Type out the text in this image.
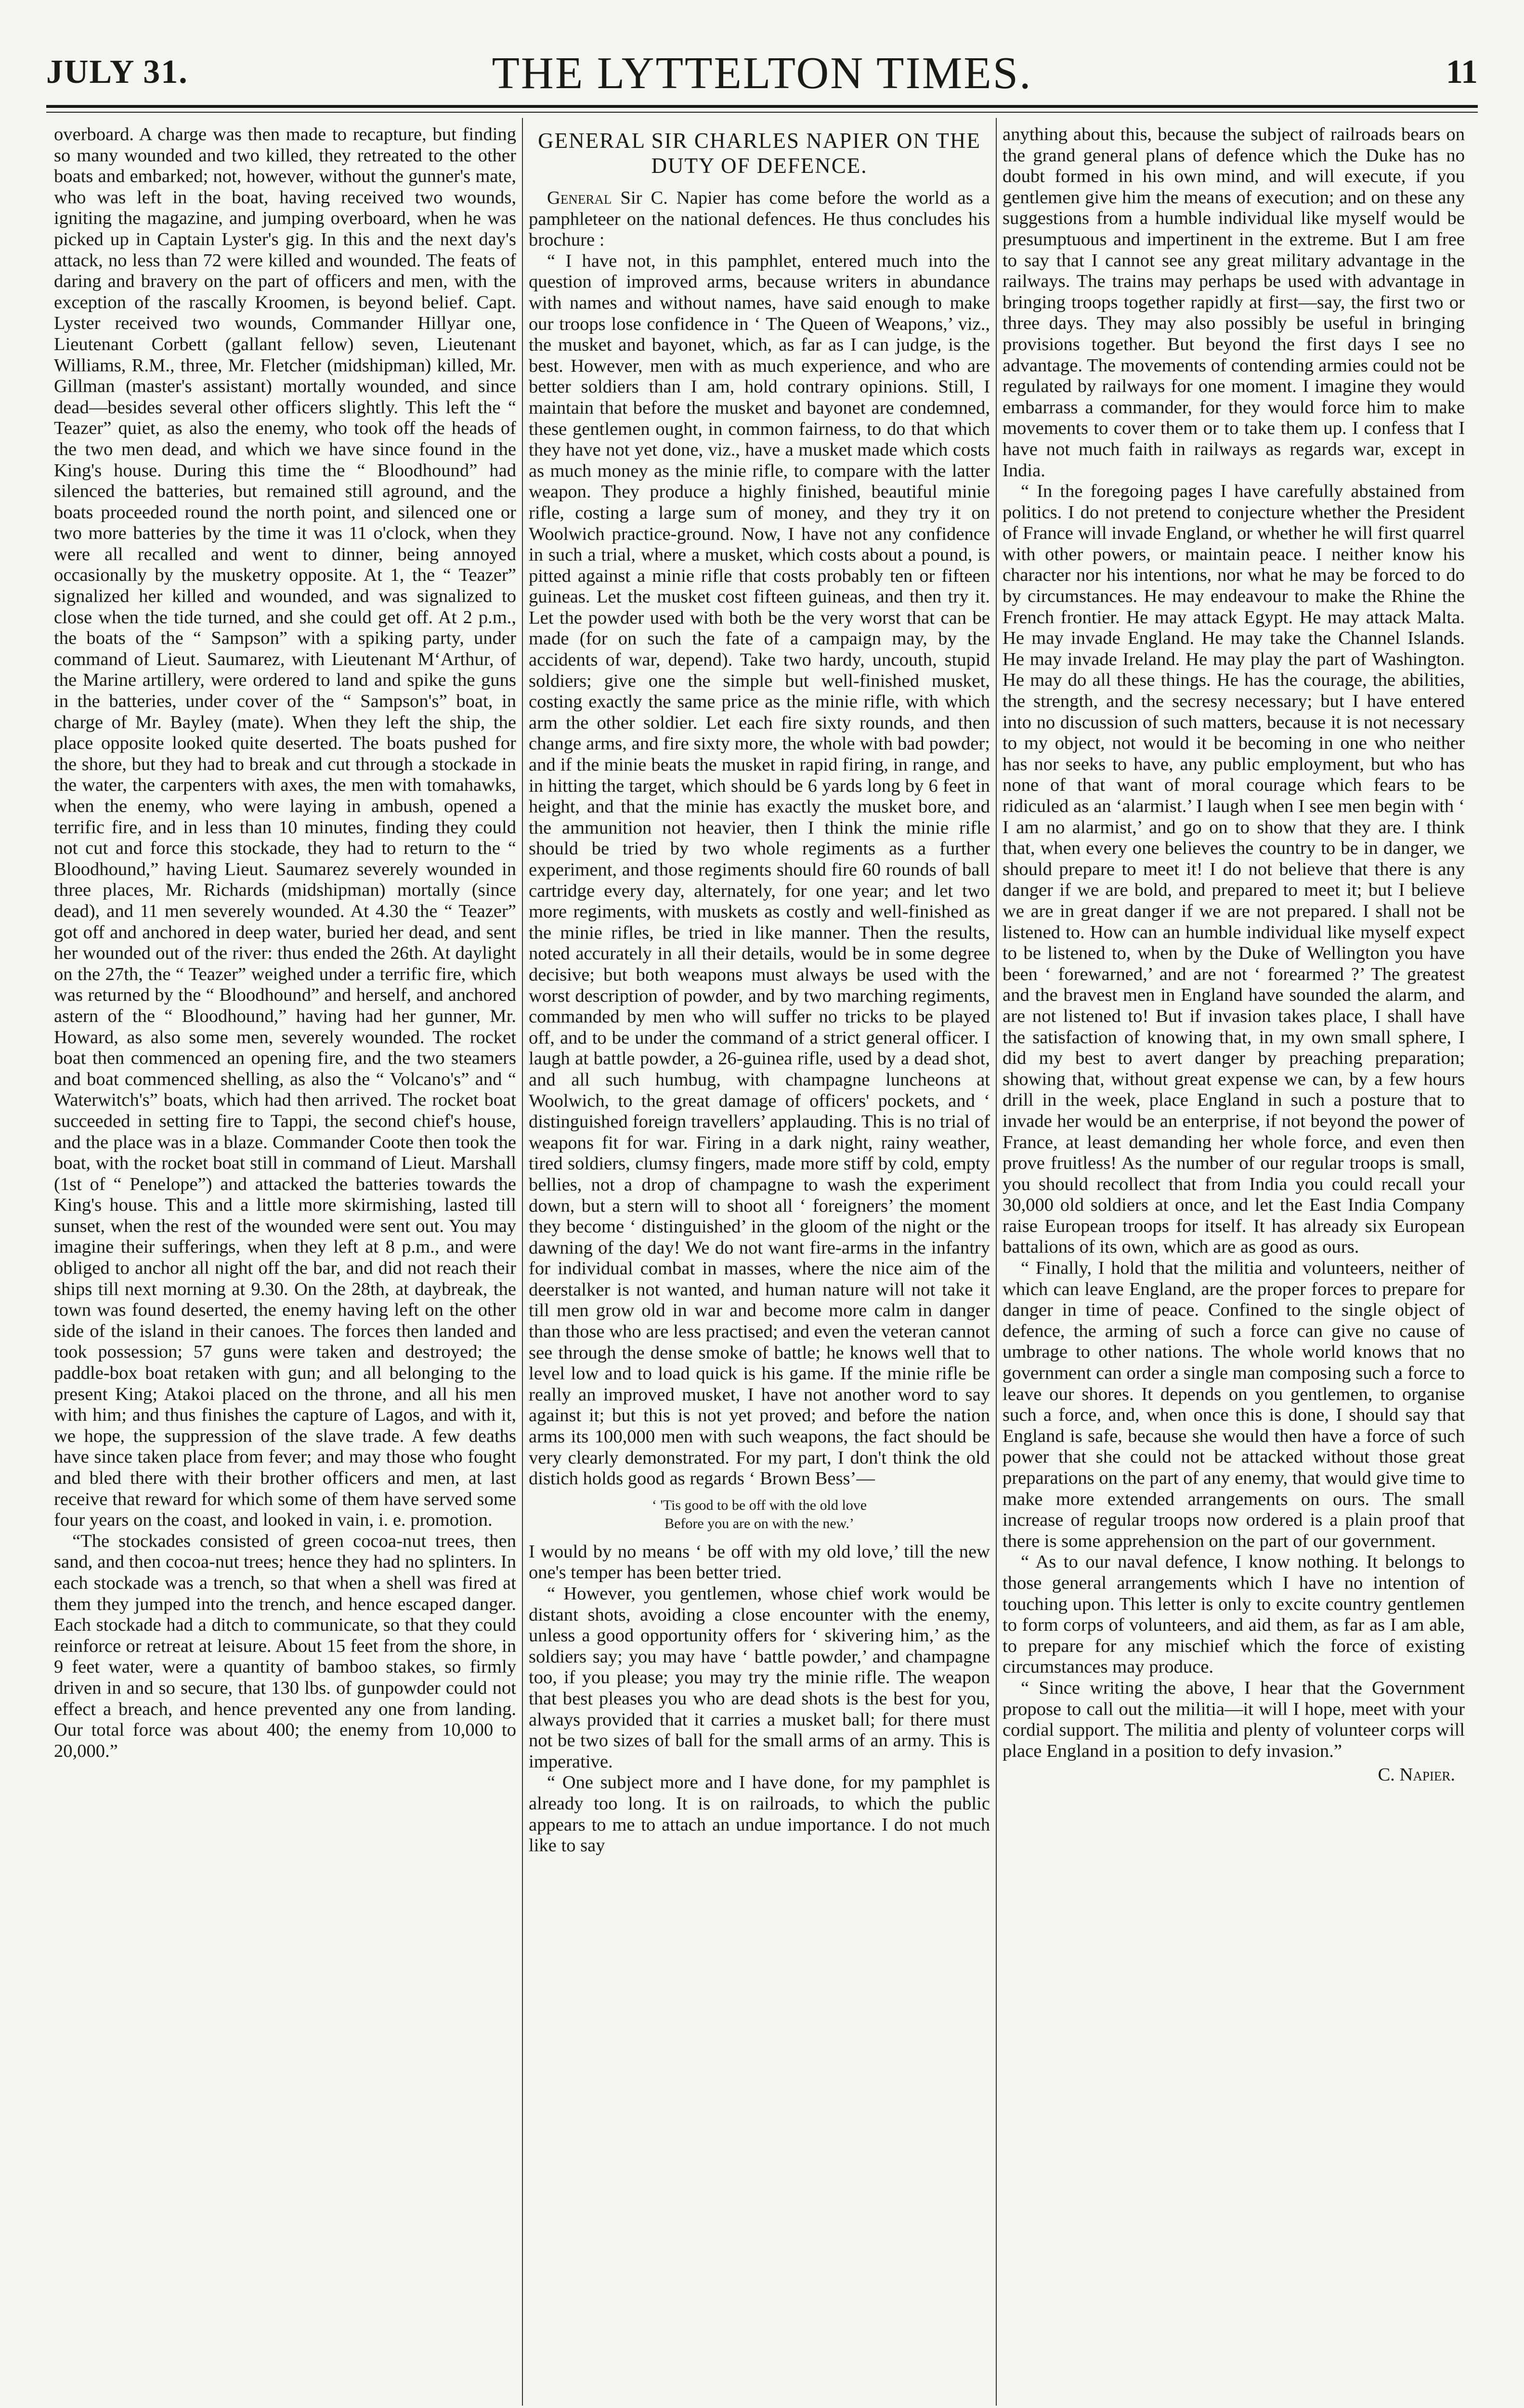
JULY 31.	THE LYTTELTON TIMES.	11

overboard. A charge was then made to recapture, but finding so many wounded and two killed, they retreated to the other boats and embarked; not, however, without the gunner's mate, who was left in the boat, having received two wounds, igniting the magazine, and jumping overboard, when he was picked up in Captain Lyster's gig. In this and the next day's attack, no less than 72 were killed and wounded. The feats of daring and bravery on the part of officers and men, with the exception of the rascally Kroomen, is beyond belief. Capt. Lyster received two wounds, Commander Hillyar one, Lieutenant Corbett (gallant fellow) seven, Lieutenant Williams, R.M., three, Mr. Fletcher (midshipman) killed, Mr. Gillman (master's assistant) mortally wounded, and since dead—besides several other officers slightly. This left the “ Teazer” quiet, as also the enemy, who took off the heads of the two men dead, and which we have since found in the King's house. During this time the “ Bloodhound” had silenced the batteries, but remained still aground, and the boats proceeded round the north point, and silenced one or two more batteries by the time it was 11 o'clock, when they were all recalled and went to dinner, being annoyed occasionally by the musketry opposite. At 1, the “ Teazer” signalized her killed and wounded, and was signalized to close when the tide turned, and she could get off. At 2 p.m., the boats of the “ Sampson” with a spiking party, under command of Lieut. Saumarez, with Lieutenant M‘Arthur, of the Marine artillery, were ordered to land and spike the guns in the batteries, under cover of the “ Sampson's” boat, in charge of Mr. Bayley (mate). When they left the ship, the place opposite looked quite deserted. The boats pushed for the shore, but they had to break and cut through a stockade in the water, the carpenters with axes, the men with tomahawks, when the enemy, who were laying in ambush, opened a terrific fire, and in less than 10 minutes, finding they could not cut and force this stockade, they had to return to the “ Bloodhound,” having Lieut. Saumarez severely wounded in three places, Mr. Richards (midshipman) mortally (since dead), and 11 men severely wounded. At 4.30 the “ Teazer” got off and anchored in deep water, buried her dead, and sent her wounded out of the river: thus ended the 26th. At daylight on the 27th, the “ Teazer” weighed under a terrific fire, which was returned by the “ Bloodhound” and herself, and anchored astern of the “ Bloodhound,” having had her gunner, Mr. Howard, as also some men, severely wounded. The rocket boat then commenced an opening fire, and the two steamers and boat commenced shelling, as also the “ Volcano's” and “ Waterwitch's” boats, which had then arrived. The rocket boat succeeded in setting fire to Tappi, the second chief's house, and the place was in a blaze. Commander Coote then took the boat, with the rocket boat still in command of Lieut. Marshall (1st of “ Penelope”) and attacked the batteries towards the King's house. This and a little more skirmishing, lasted till sunset, when the rest of the wounded were sent out. You may imagine their sufferings, when they left at 8 p.m., and were obliged to anchor all night off the bar, and did not reach their ships till next morning at 9.30. On the 28th, at daybreak, the town was found deserted, the enemy having left on the other side of the island in their canoes. The forces then landed and took possession; 57 guns were taken and destroyed; the paddle-box boat retaken with gun; and all belonging to the present King; Atakoi placed on the throne, and all his men with him; and thus finishes the capture of Lagos, and with it, we hope, the suppression of the slave trade. A few deaths have since taken place from fever; and may those who fought and bled there with their brother officers and men, at last receive that reward for which some of them have served some four years on the coast, and looked in vain, i. e. promotion.

“The stockades consisted of green cocoa-nut trees, then sand, and then cocoa-nut trees; hence they had no splinters. In each stockade was a trench, so that when a shell was fired at them they jumped into the trench, and hence escaped danger. Each stockade had a ditch to communicate, so that they could reinforce or retreat at leisure. About 15 feet from the shore, in 9 feet water, were a quantity of bamboo stakes, so firmly driven in and so secure, that 130 lbs. of gunpowder could not effect a breach, and hence prevented any one from landing. Our total force was about 400; the enemy from 10,000 to 20,000.”

GENERAL SIR CHARLES NAPIER ON THE DUTY OF DEFENCE.

General Sir C. Napier has come before the world as a pamphleteer on the national defences. He thus concludes his brochure :

“ I have not, in this pamphlet, entered much into the question of improved arms, because writers in abundance with names and without names, have said enough to make our troops lose confidence in ‘ The Queen of Weapons,’ viz., the musket and bayonet, which, as far as I can judge, is the best. However, men with as much experience, and who are better soldiers than I am, hold contrary opinions. Still, I maintain that before the musket and bayonet are condemned, these gentlemen ought, in common fairness, to do that which they have not yet done, viz., have a musket made which costs as much money as the minie rifle, to compare with the latter weapon. They produce a highly finished, beautiful minie rifle, costing a large sum of money, and they try it on Woolwich practice-ground. Now, I have not any confidence in such a trial, where a musket, which costs about a pound, is pitted against a minie rifle that costs probably ten or fifteen guineas. Let the musket cost fifteen guineas, and then try it. Let the powder used with both be the very worst that can be made (for on such the fate of a campaign may, by the accidents of war, depend). Take two hardy, uncouth, stupid soldiers; give one the simple but well-finished musket, costing exactly the same price as the minie rifle, with which arm the other soldier. Let each fire sixty rounds, and then change arms, and fire sixty more, the whole with bad powder; and if the minie beats the musket in rapid firing, in range, and in hitting the target, which should be 6 yards long by 6 feet in height, and that the minie has exactly the musket bore, and the ammunition not heavier, then I think the minie rifle should be tried by two whole regiments as a further experiment, and those regiments should fire 60 rounds of ball cartridge every day, alternately, for one year; and let two more regiments, with muskets as costly and well-finished as the minie rifles, be tried in like manner. Then the results, noted accurately in all their details, would be in some degree decisive; but both weapons must always be used with the worst description of powder, and by two marching regiments, commanded by men who will suffer no tricks to be played off, and to be under the command of a strict general officer. I laugh at battle powder, a 26-guinea rifle, used by a dead shot, and all such humbug, with champagne luncheons at Woolwich, to the great damage of officers' pockets, and ‘ distinguished foreign travellers’ applauding. This is no trial of weapons fit for war. Firing in a dark night, rainy weather, tired soldiers, clumsy fingers, made more stiff by cold, empty bellies, not a drop of champagne to wash the experiment down, but a stern will to shoot all ‘ foreigners’ the moment they become ‘ distinguished’ in the gloom of the night or the dawning of the day! We do not want fire-arms in the infantry for individual combat in masses, where the nice aim of the deerstalker is not wanted, and human nature will not take it till men grow old in war and become more calm in danger than those who are less practised; and even the veteran cannot see through the dense smoke of battle; he knows well that to level low and to load quick is his game. If the minie rifle be really an improved musket, I have not another word to say against it; but this is not yet proved; and before the nation arms its 100,000 men with such weapons, the fact should be very clearly demonstrated. For my part, I don't think the old distich holds good as regards ‘ Brown Bess’—

‘ 'Tis good to be off with the old love
Before you are on with the new.’

I would by no means ‘ be off with my old love,’ till the new one's temper has been better tried.

“ However, you gentlemen, whose chief work would be distant shots, avoiding a close encounter with the enemy, unless a good opportunity offers for ‘ skivering him,’ as the soldiers say; you may have ‘ battle powder,’ and champagne too, if you please; you may try the minie rifle. The weapon that best pleases you who are dead shots is the best for you, always provided that it carries a musket ball; for there must not be two sizes of ball for the small arms of an army. This is imperative.

“ One subject more and I have done, for my pamphlet is already too long. It is on railroads, to which the public appears to me to attach an undue importance. I do not much like to say

anything about this, because the subject of railroads bears on the grand general plans of defence which the Duke has no doubt formed in his own mind, and will execute, if you gentlemen give him the means of execution; and on these any suggestions from a humble individual like myself would be presumptuous and impertinent in the extreme. But I am free to say that I cannot see any great military advantage in the railways. The trains may perhaps be used with advantage in bringing troops together rapidly at first—say, the first two or three days. They may also possibly be useful in bringing provisions together. But beyond the first days I see no advantage. The movements of contending armies could not be regulated by railways for one moment. I imagine they would embarrass a commander, for they would force him to make movements to cover them or to take them up. I confess that I have not much faith in railways as regards war, except in India.

“ In the foregoing pages I have carefully abstained from politics. I do not pretend to conjecture whether the President of France will invade England, or whether he will first quarrel with other powers, or maintain peace. I neither know his character nor his intentions, nor what he may be forced to do by circumstances. He may endeavour to make the Rhine the French frontier. He may attack Egypt. He may attack Malta. He may invade England. He may take the Channel Islands. He may invade Ireland. He may play the part of Washington. He may do all these things. He has the courage, the abilities, the strength, and the secresy necessary; but I have entered into no discussion of such matters, because it is not necessary to my object, not would it be becoming in one who neither has nor seeks to have, any public employment, but who has none of that want of moral courage which fears to be ridiculed as an ‘alarmist.’ I laugh when I see men begin with ‘ I am no alarmist,’ and go on to show that they are. I think that, when every one believes the country to be in danger, we should prepare to meet it! I do not believe that there is any danger if we are bold, and prepared to meet it; but I believe we are in great danger if we are not prepared. I shall not be listened to. How can an humble individual like myself expect to be listened to, when by the Duke of Wellington you have been ‘ forewarned,’ and are not ‘ forearmed ?’ The greatest and the bravest men in England have sounded the alarm, and are not listened to! But if invasion takes place, I shall have the satisfaction of knowing that, in my own small sphere, I did my best to avert danger by preaching preparation; showing that, without great expense we can, by a few hours drill in the week, place England in such a posture that to invade her would be an enterprise, if not beyond the power of France, at least demanding her whole force, and even then prove fruitless! As the number of our regular troops is small, you should recollect that from India you could recall your 30,000 old soldiers at once, and let the East India Company raise European troops for itself. It has already six European battalions of its own, which are as good as ours.

“ Finally, I hold that the militia and volunteers, neither of which can leave England, are the proper forces to prepare for danger in time of peace. Confined to the single object of defence, the arming of such a force can give no cause of umbrage to other nations. The whole world knows that no government can order a single man composing such a force to leave our shores. It depends on you gentlemen, to organise such a force, and, when once this is done, I should say that England is safe, because she would then have a force of such power that she could not be attacked without those great preparations on the part of any enemy, that would give time to make more extended arrangements on ours. The small increase of regular troops now ordered is a plain proof that there is some apprehension on the part of our government.

“ As to our naval defence, I know nothing. It belongs to those general arrangements which I have no intention of touching upon. This letter is only to excite country gentlemen to form corps of volunteers, and aid them, as far as I am able, to prepare for any mischief which the force of existing circumstances may produce.

“ Since writing the above, I hear that the Government propose to call out the militia—it will I hope, meet with your cordial support. The militia and plenty of volunteer corps will place England in a position to defy invasion.”

C. Napier.
